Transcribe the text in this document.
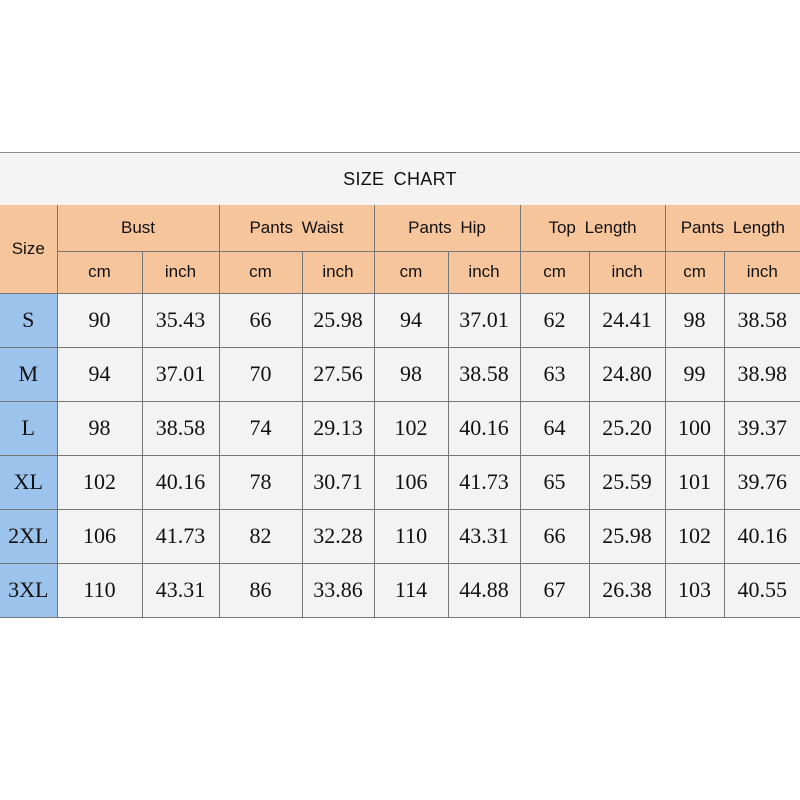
SIZE CHART
Size	Bust		Pants Waist		Pants Hip		Top Length		Pants Length	
	cm	inch	cm	inch	cm	inch	cm	inch	cm	inch
S	90	35.43	66	25.98	94	37.01	62	24.41	98	38.58
M	94	37.01	70	27.56	98	38.58	63	24.80	99	38.98
L	98	38.58	74	29.13	102	40.16	64	25.20	100	39.37
XL	102	40.16	78	30.71	106	41.73	65	25.59	101	39.76
2XL	106	41.73	82	32.28	110	43.31	66	25.98	102	40.16
3XL	110	43.31	86	33.86	114	44.88	67	26.38	103	40.55
